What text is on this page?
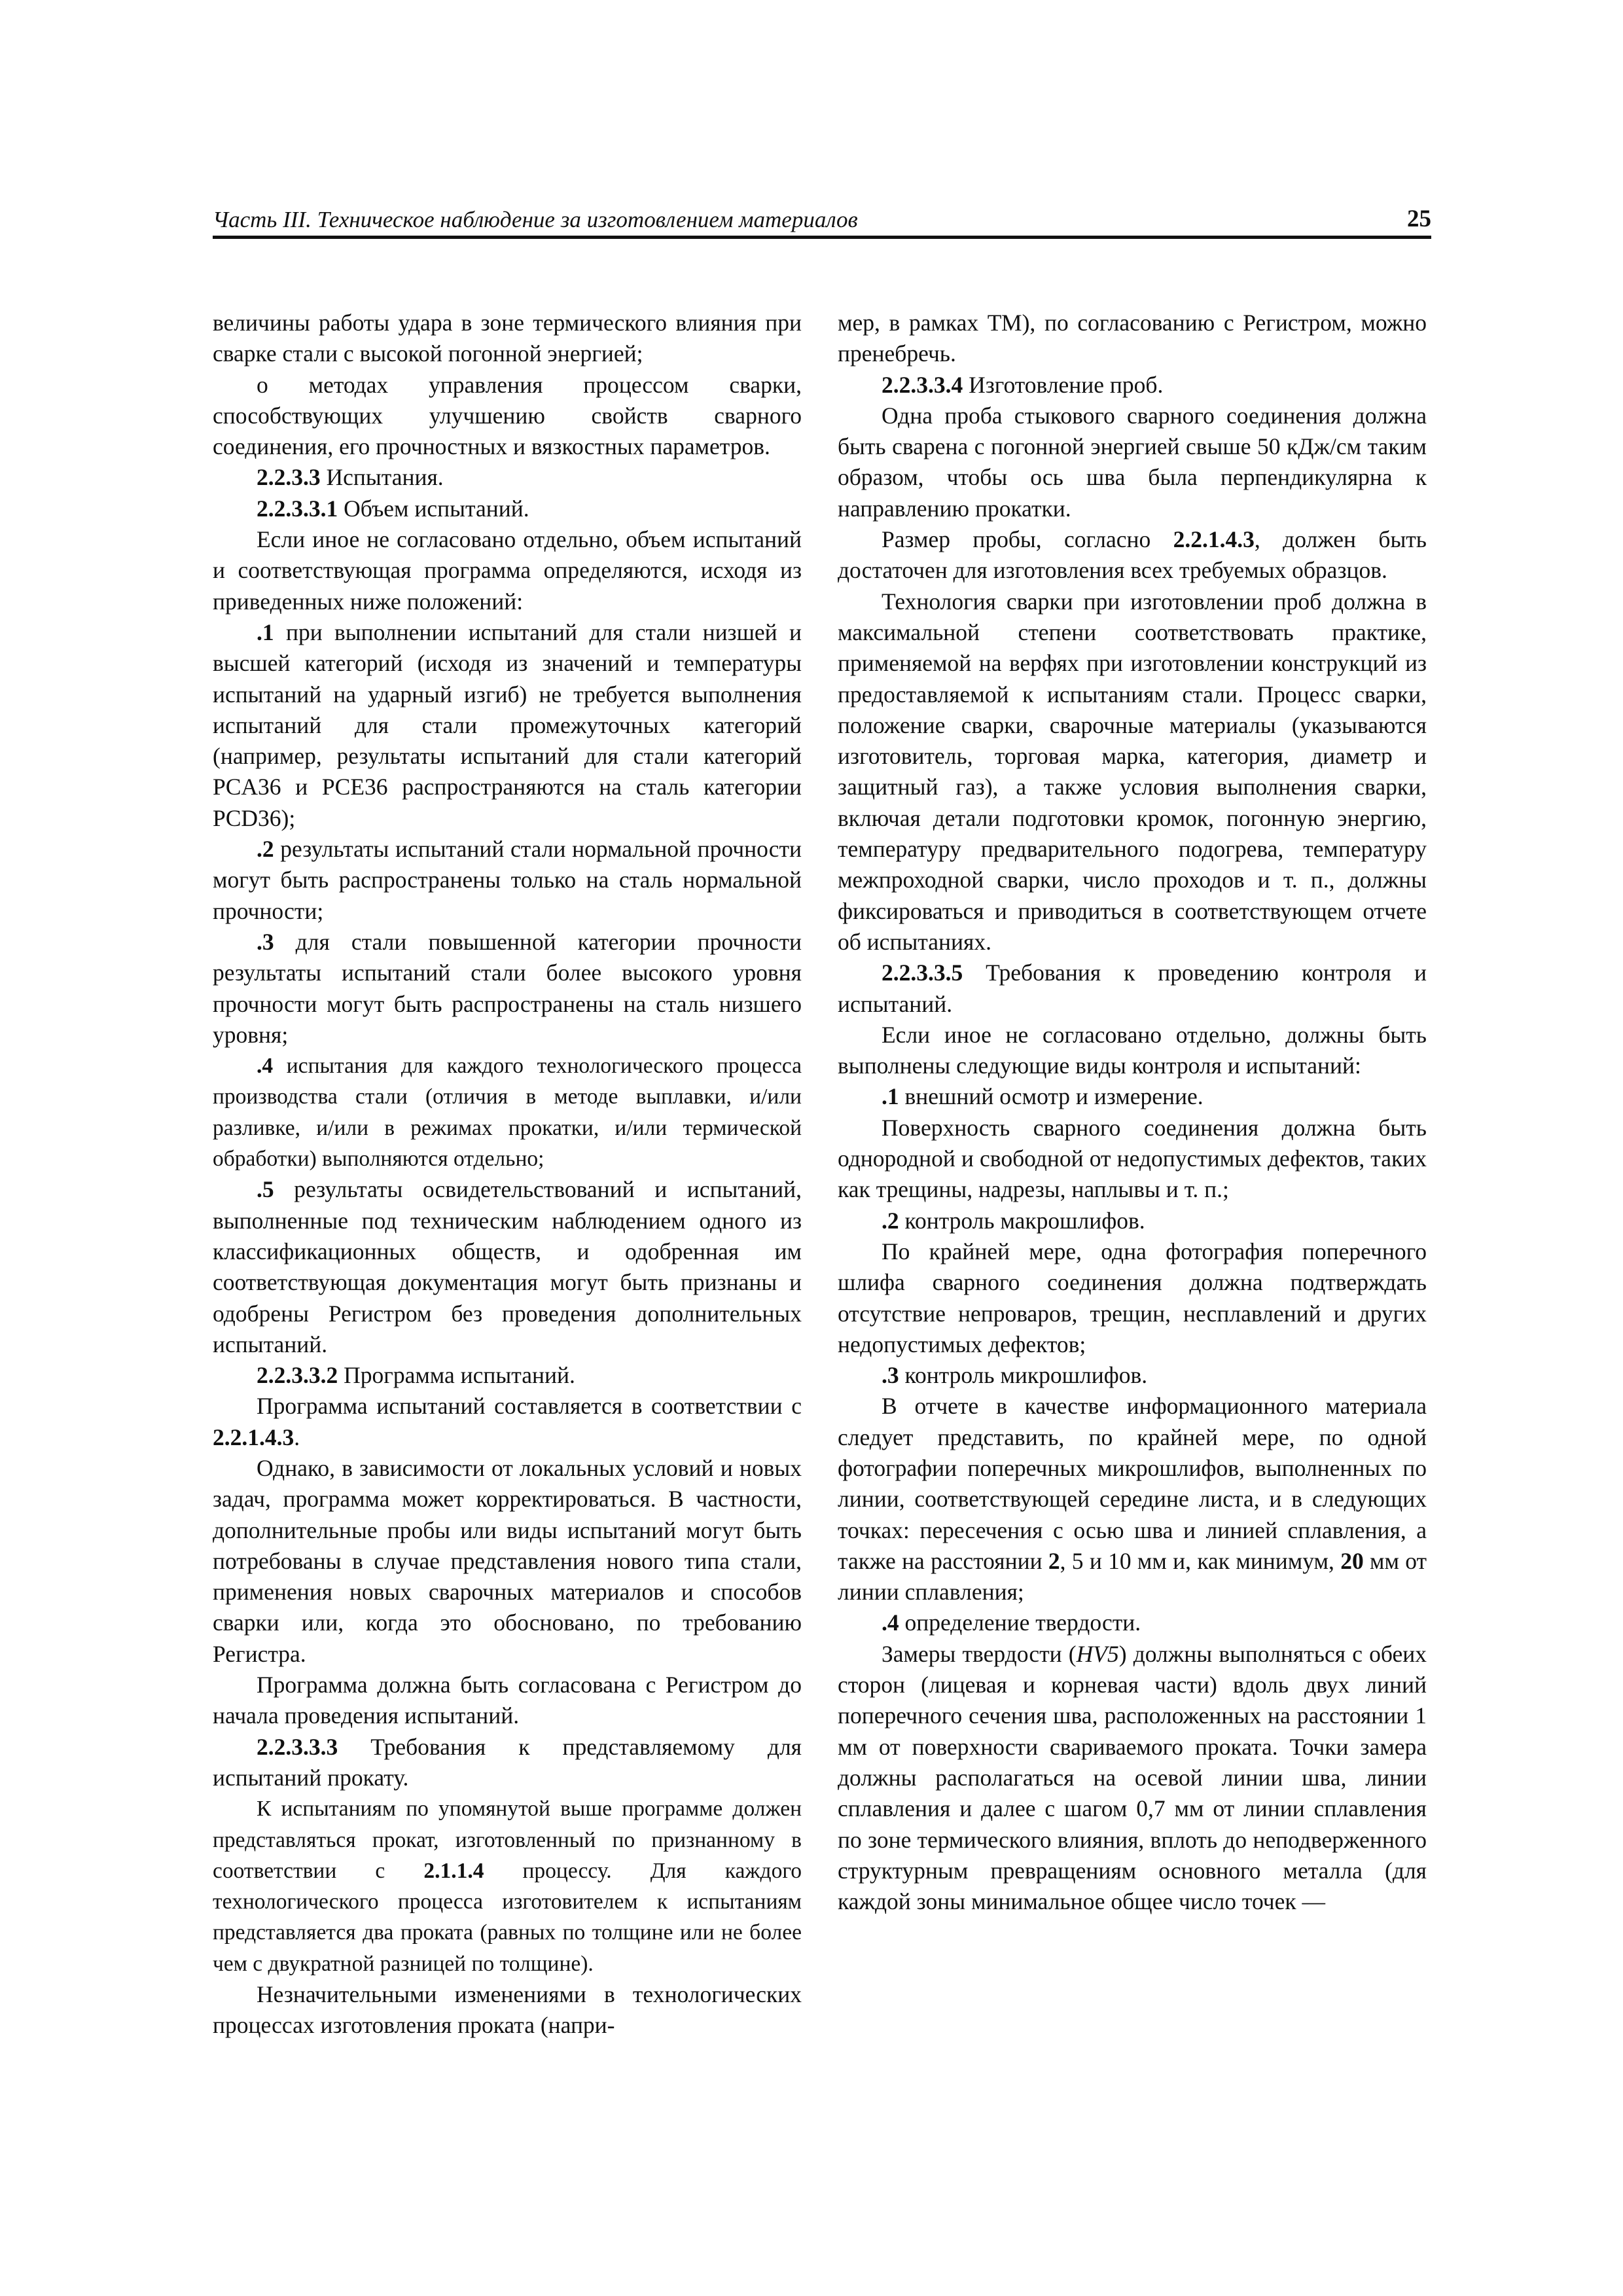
Часть III. Техническое наблюдение за изготовлением материалов	25

величины работы удара в зоне термического влияния при сварке стали с высокой погонной энергией;

о методах управления процессом сварки, способствующих улучшению свойств сварного соединения, его прочностных и вязкостных параметров.

2.2.3.3 Испытания.

2.2.3.3.1 Объем испытаний.

Если иное не согласовано отдельно, объем испытаний и соответствующая программа определяются, исходя из приведенных ниже положений:

.1 при выполнении испытаний для стали низшей и высшей категорий (исходя из значений и температуры испытаний на ударный изгиб) не требуется выполнения испытаний для стали промежуточных категорий (например, результаты испытаний для стали категорий PCA36 и PCE36 распространяются на сталь категории PCD36);

.2 результаты испытаний стали нормальной прочности могут быть распространены только на сталь нормальной прочности;

.3 для стали повышенной категории прочности результаты испытаний стали более высокого уровня прочности могут быть распространены на сталь низшего уровня;

.4 испытания для каждого технологического процесса производства стали (отличия в методе выплавки, и/или разливке, и/или в режимах прокатки, и/или термической обработки) выполняются отдельно;

.5 результаты освидетельствований и испытаний, выполненные под техническим наблюдением одного из классификационных обществ, и одобренная им соответствующая документация могут быть признаны и одобрены Регистром без проведения дополнительных испытаний.

2.2.3.3.2 Программа испытаний.

Программа испытаний составляется в соответствии с 2.2.1.4.3.

Однако, в зависимости от локальных условий и новых задач, программа может корректироваться. В частности, дополнительные пробы или виды испытаний могут быть потребованы в случае представления нового типа стали, применения новых сварочных материалов и способов сварки или, когда это обосновано, по требованию Регистра.

Программа должна быть согласована с Регистром до начала проведения испытаний.

2.2.3.3.3 Требования к представляемому для испытаний прокату.

К испытаниям по упомянутой выше программе должен представляться прокат, изготовленный по признанному в соответствии с 2.1.1.4 процессу. Для каждого технологического процесса изготовителем к испытаниям представляется два проката (равных по толщине или не более чем с двукратной разницей по толщине).

Незначительными изменениями в технологических процессах изготовления проката (напри-

мер, в рамках ТМ), по согласованию с Регистром, можно пренебречь.

2.2.3.3.4 Изготовление проб.

Одна проба стыкового сварного соединения должна быть сварена с погонной энергией свыше 50 кДж/см таким образом, чтобы ось шва была перпендикулярна к направлению прокатки.

Размер пробы, согласно 2.2.1.4.3, должен быть достаточен для изготовления всех требуемых образцов.

Технология сварки при изготовлении проб должна в максимальной степени соответствовать практике, применяемой на верфях при изготовлении конструкций из предоставляемой к испытаниям стали. Процесс сварки, положение сварки, сварочные материалы (указываются изготовитель, торговая марка, категория, диаметр и защитный газ), а также условия выполнения сварки, включая детали подготовки кромок, погонную энергию, температуру предварительного подогрева, температуру межпроходной сварки, число проходов и т. п., должны фиксироваться и приводиться в соответствующем отчете об испытаниях.

2.2.3.3.5 Требования к проведению контроля и испытаний.

Если иное не согласовано отдельно, должны быть выполнены следующие виды контроля и испытаний:

.1 внешний осмотр и измерение.

Поверхность сварного соединения должна быть однородной и свободной от недопустимых дефектов, таких как трещины, надрезы, наплывы и т. п.;

.2 контроль макрошлифов.

По крайней мере, одна фотография поперечного шлифа сварного соединения должна подтверждать отсутствие непроваров, трещин, несплавлений и других недопустимых дефектов;

.3 контроль микрошлифов.

В отчете в качестве информационного материала следует представить, по крайней мере, по одной фотографии поперечных микрошлифов, выполненных по линии, соответствующей середине листа, и в следующих точках: пересечения с осью шва и линией сплавления, а также на расстоянии 2, 5 и 10 мм и, как минимум, 20 мм от линии сплавления;

.4 определение твердости.

Замеры твердости (HV5) должны выполняться с обеих сторон (лицевая и корневая части) вдоль двух линий поперечного сечения шва, расположенных на расстоянии 1 мм от поверхности свариваемого проката. Точки замера должны располагаться на осевой линии шва, линии сплавления и далее с шагом 0,7 мм от линии сплавления по зоне термического влияния, вплоть до неподверженного структурным превращениям основного металла (для каждой зоны минимальное общее число точек —
